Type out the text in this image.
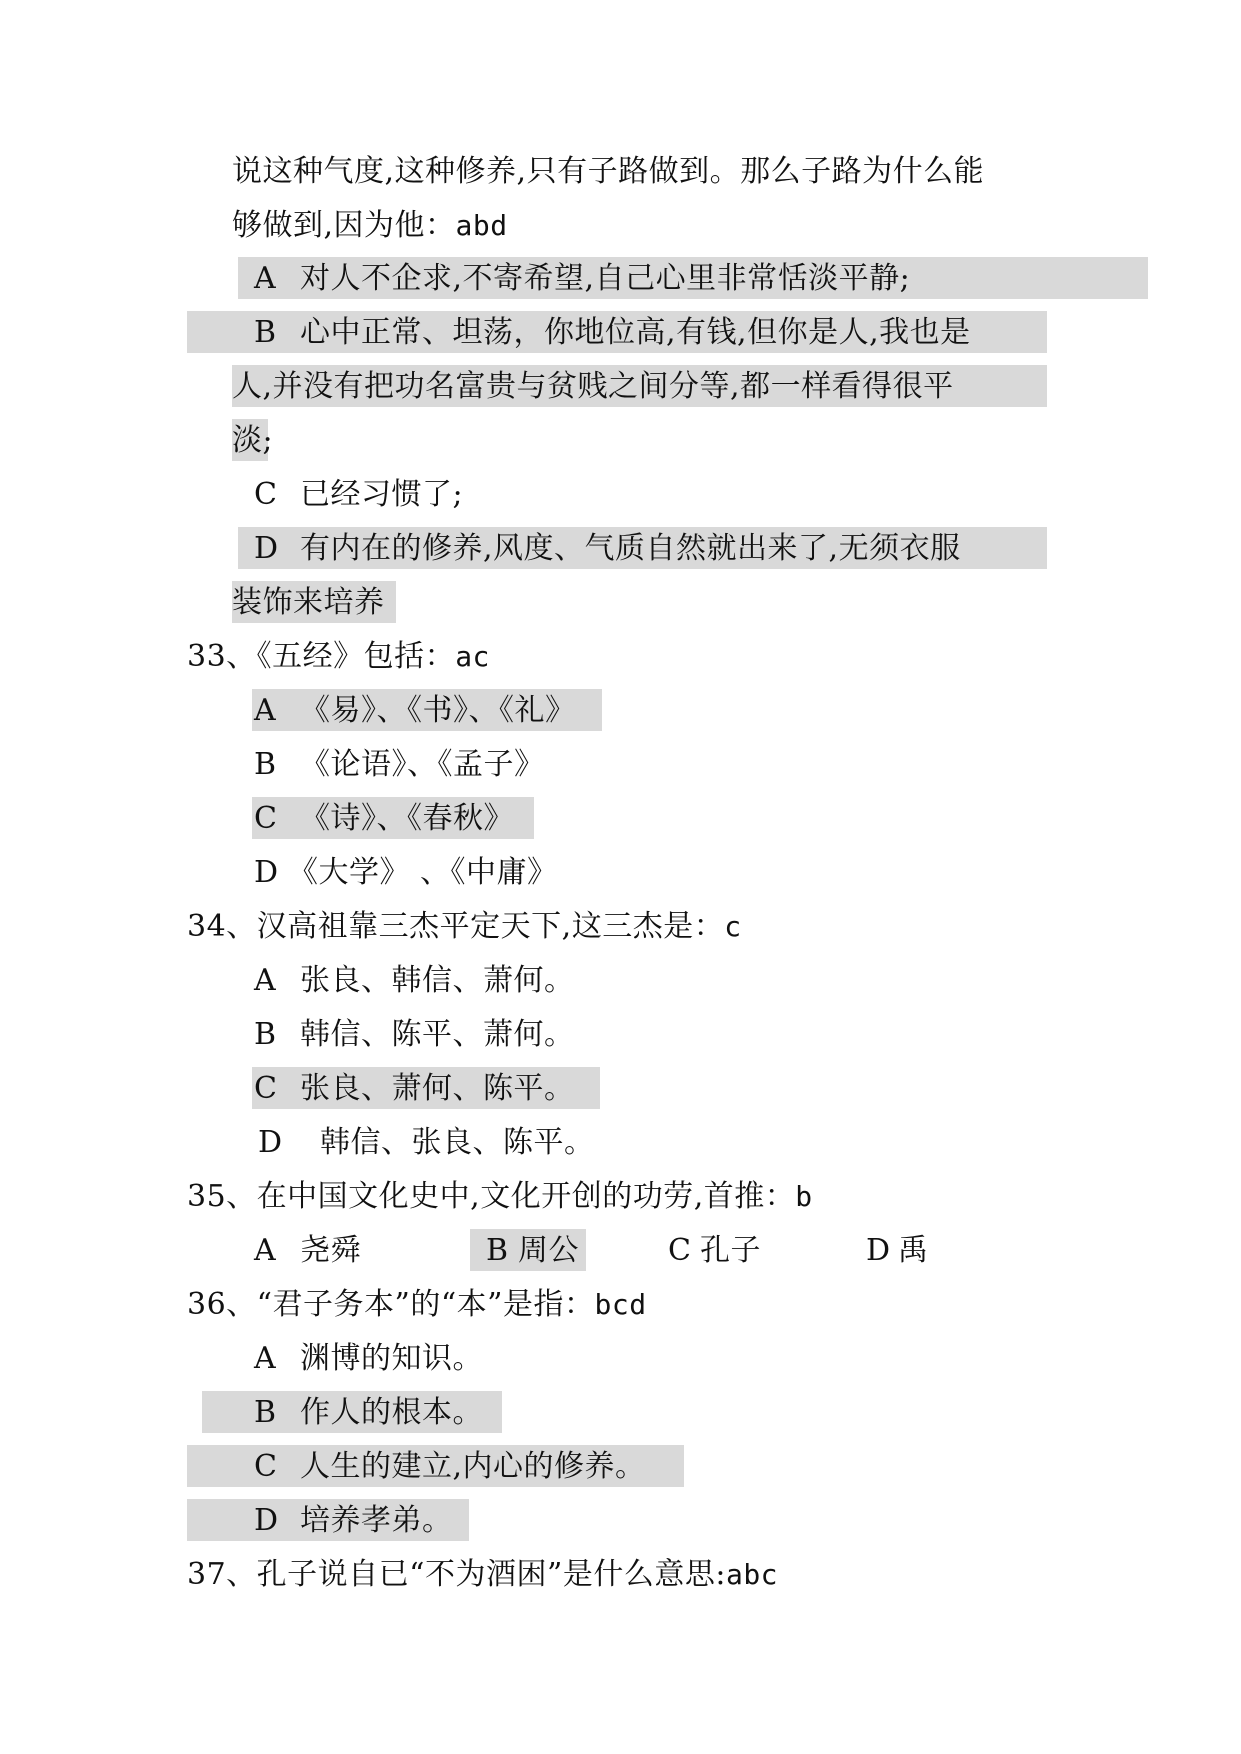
说这种气度,这种修养,只有子路做到。那么子路为什么能
够做到,因为他：abd
A 对人不企求,不寄希望,自己心里非常恬淡平静;
B 心中正常、坦荡，你地位高,有钱,但你是人,我也是
人,并没有把功名富贵与贫贱之间分等,都一样看得很平
淡;
C 已经习惯了;
D 有内在的修养,风度、气质自然就出来了,无须衣服
装饰来培养
33、《五经》包括：ac
A 《易》、《书》、《礼》
B 《论语》、《孟子》
C 《诗》、《春秋》
D 《大学》 、《中庸》
34、汉高祖靠三杰平定天下,这三杰是：c
A 张良、韩信、萧何。
B 韩信、陈平、萧何。
C 张良、萧何、陈平。
D 韩信、张良、陈平。
35、在中国文化史中,文化开创的功劳,首推：b
A 尧舜	B 周公	C 孔子	D 禹
36、“君子务本”的“本”是指：bcd
A 渊博的知识。
B 作人的根本。
C 人生的建立,内心的修养。
D 培养孝弟。
37、孔子说自已“不为酒困”是什么意思:abc
